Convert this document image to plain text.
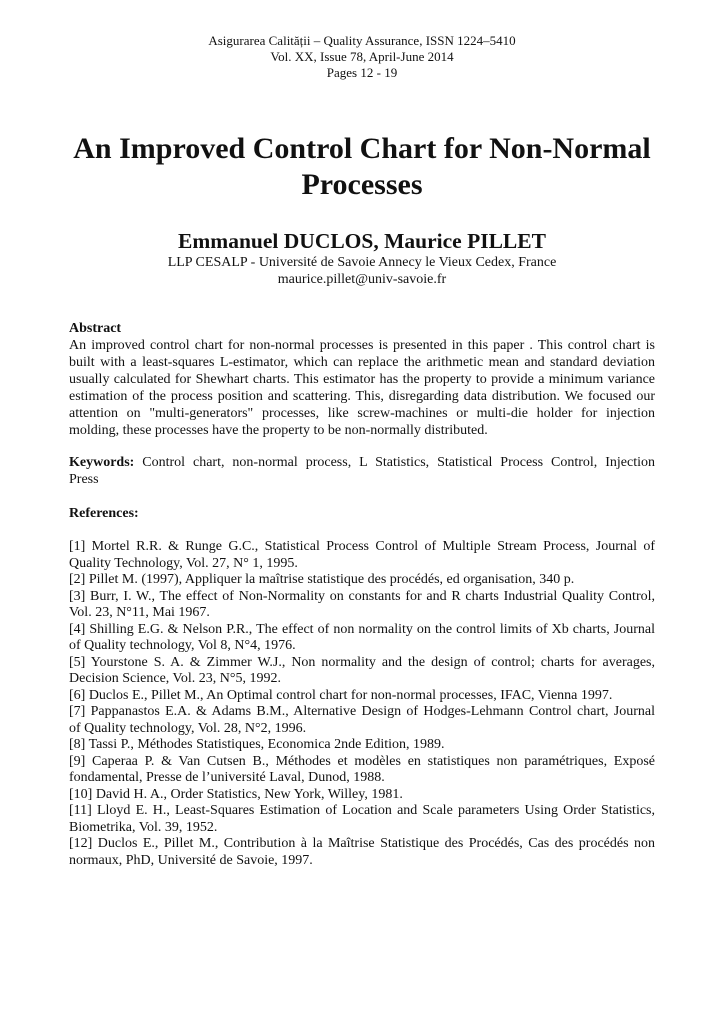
Asigurarea Calității – Quality Assurance, ISSN 1224–5410
Vol. XX, Issue 78, April-June 2014
Pages 12 - 19
An Improved Control Chart for Non-Normal
Processes
Emmanuel DUCLOS, Maurice PILLET
LLP CESALP - Université de Savoie Annecy le Vieux Cedex, France
maurice.pillet@univ-savoie.fr
Abstract
An improved control chart for non-normal processes is presented in this paper . This control chart is
built with a least-squares L-estimator, which can replace the arithmetic mean and standard deviation
usually calculated for Shewhart charts. This estimator has the property to provide a minimum variance
estimation of the process position and scattering. This, disregarding data distribution. We focused our
attention on "multi-generators" processes, like screw-machines or multi-die holder for injection
molding, these processes have the property to be non-normally distributed.
Keywords: Control chart, non-normal process, L Statistics, Statistical Process Control, Injection
Press
References:
[1] Mortel R.R. & Runge G.C., Statistical Process Control of Multiple Stream Process, Journal of
Quality Technology, Vol. 27, N° 1, 1995.
[2] Pillet M. (1997), Appliquer la maîtrise statistique des procédés, ed organisation, 340 p.
[3] Burr, I. W., The effect of Non-Normality on constants for and R charts Industrial Quality Control,
Vol. 23, N°11, Mai 1967.
[4] Shilling E.G. & Nelson P.R., The effect of non normality on the control limits of Xb charts, Journal
of Quality technology, Vol 8, N°4, 1976.
[5] Yourstone S. A. & Zimmer W.J., Non normality and the design of control; charts for averages,
Decision Science, Vol. 23, N°5, 1992.
[6] Duclos E., Pillet M., An Optimal control chart for non-normal processes, IFAC, Vienna 1997.
[7] Pappanastos E.A. & Adams B.M., Alternative Design of Hodges-Lehmann Control chart, Journal
of Quality technology, Vol. 28, N°2, 1996.
[8] Tassi P., Méthodes Statistiques, Economica 2nde Edition, 1989.
[9] Caperaa P. & Van Cutsen B., Méthodes et modèles en statistiques non paramétriques, Exposé
fondamental, Presse de l’université Laval, Dunod, 1988.
[10] David H. A., Order Statistics, New York, Willey, 1981.
[11] Lloyd E. H., Least-Squares Estimation of Location and Scale parameters Using Order Statistics,
Biometrika, Vol. 39, 1952.
[12] Duclos E., Pillet M., Contribution à la Maîtrise Statistique des Procédés, Cas des procédés non
normaux, PhD, Université de Savoie, 1997.
